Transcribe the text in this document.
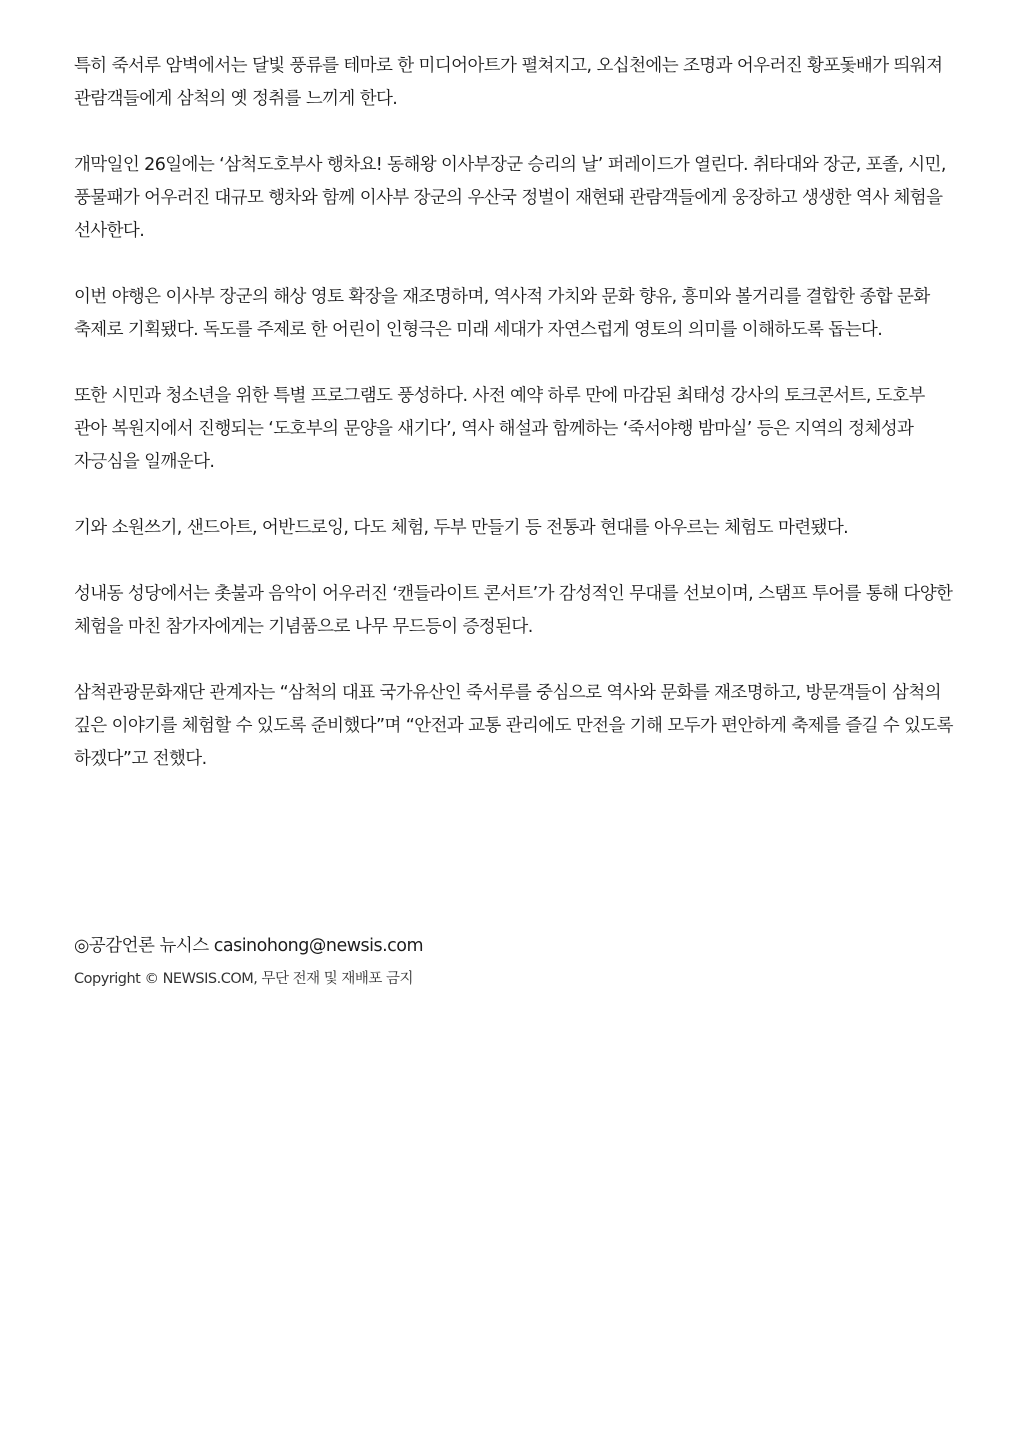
특히 죽서루 암벽에서는 달빛 풍류를 테마로 한 미디어아트가 펼쳐지고, 오십천에는 조명과 어우러진 황포돛배가 띄워져 관람객들에게 삼척의 옛 정취를 느끼게 한다.

개막일인 26일에는 ‘삼척도호부사 행차요! 동해왕 이사부장군 승리의 날’ 퍼레이드가 열린다. 취타대와 장군, 포졸, 시민, 풍물패가 어우러진 대규모 행차와 함께 이사부 장군의 우산국 정벌이 재현돼 관람객들에게 웅장하고 생생한 역사 체험을 선사한다.

이번 야행은 이사부 장군의 해상 영토 확장을 재조명하며, 역사적 가치와 문화 향유, 흥미와 볼거리를 결합한 종합 문화 축제로 기획됐다. 독도를 주제로 한 어린이 인형극은 미래 세대가 자연스럽게 영토의 의미를 이해하도록 돕는다.

또한 시민과 청소년을 위한 특별 프로그램도 풍성하다. 사전 예약 하루 만에 마감된 최태성 강사의 토크콘서트, 도호부 관아 복원지에서 진행되는 ‘도호부의 문양을 새기다’, 역사 해설과 함께하는 ‘죽서야행 밤마실’ 등은 지역의 정체성과 자긍심을 일깨운다.

기와 소원쓰기, 샌드아트, 어반드로잉, 다도 체험, 두부 만들기 등 전통과 현대를 아우르는 체험도 마련됐다.

성내동 성당에서는 촛불과 음악이 어우러진 ‘캔들라이트 콘서트’가 감성적인 무대를 선보이며, 스탬프 투어를 통해 다양한 체험을 마친 참가자에게는 기념품으로 나무 무드등이 증정된다.

삼척관광문화재단 관계자는 “삼척의 대표 국가유산인 죽서루를 중심으로 역사와 문화를 재조명하고, 방문객들이 삼척의 깊은 이야기를 체험할 수 있도록 준비했다”며 “안전과 교통 관리에도 만전을 기해 모두가 편안하게 축제를 즐길 수 있도록 하겠다”고 전했다.

◎공감언론 뉴시스 casinohong@newsis.com
Copyright © NEWSIS.COM, 무단 전재 및 재배포 금지
